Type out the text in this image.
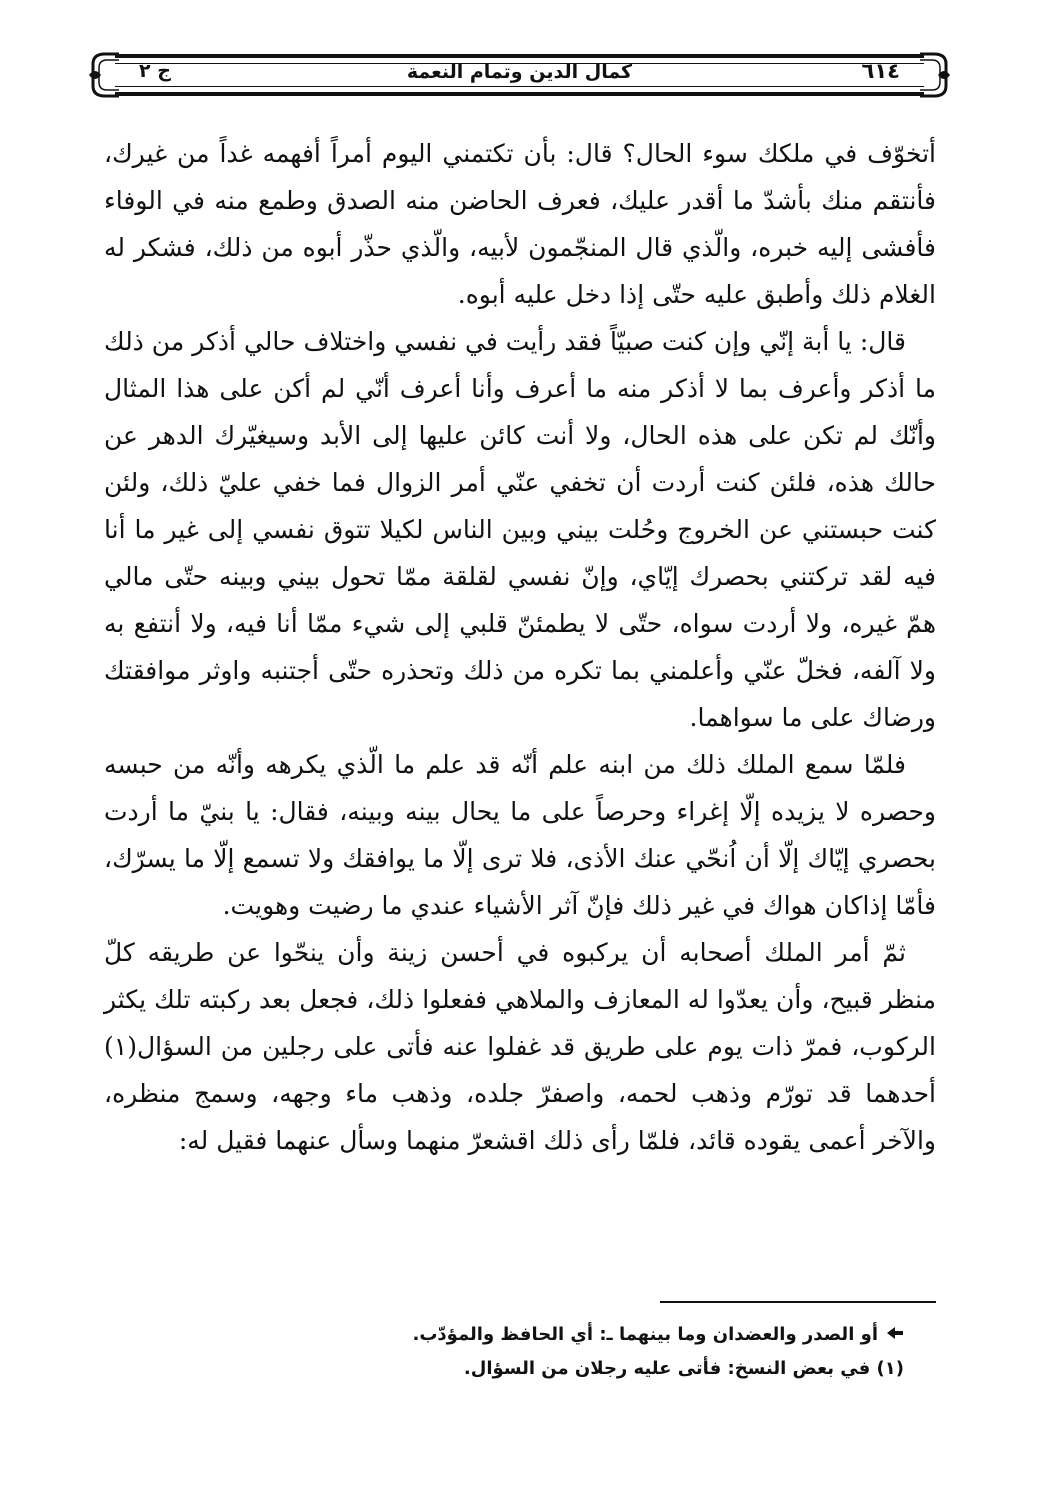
٦١٤
كمال الدين وتمام النعمة
ج ٢

أتخوّف في ملكك سوء الحال؟ قال: بأن تكتمني اليوم أمراً أفهمه غداً من غيرك، فأنتقم منك بأشدّ ما أقدر عليك، فعرف الحاضن منه الصدق وطمع منه في الوفاء فأفشى إليه خبره، والّذي قال المنجّمون لأبيه، والّذي حذّر أبوه من ذلك، فشكر له الغلام ذلك وأطبق عليه حتّى إذا دخل عليه أبوه.

قال: يا أبة إنّي وإن كنت صبيّاً فقد رأيت في نفسي واختلاف حالي أذكر من ذلك ما أذكر وأعرف بما لا أذكر منه ما أعرف وأنا أعرف أنّي لم أكن على هذا المثال وأنّك لم تكن على هذه الحال، ولا أنت كائن عليها إلى الأبد وسيغيّرك الدهر عن حالك هذه، فلئن كنت أردت أن تخفي عنّي أمر الزوال فما خفي عليّ ذلك، ولئن كنت حبستني عن الخروج وحُلت بيني وبين الناس لكيلا تتوق نفسي إلى غير ما أنا فيه لقد تركتني بحصرك إيّاي، وإنّ نفسي لقلقة ممّا تحول بيني وبينه حتّى مالي همّ غيره، ولا أردت سواه، حتّى لا يطمئنّ قلبي إلى شيء ممّا أنا فيه، ولا أنتفع به ولا آلفه، فخلّ عنّي وأعلمني بما تكره من ذلك وتحذره حتّى أجتنبه واوثر موافقتك ورضاك على ما سواهما.

فلمّا سمع الملك ذلك من ابنه علم أنّه قد علم ما الّذي يكرهه وأنّه من حبسه وحصره لا يزيده إلّا إغراء وحرصاً على ما يحال بينه وبينه، فقال: يا بنيّ ما أردت بحصري إيّاك إلّا أن اُنحّي عنك الأذى، فلا ترى إلّا ما يوافقك ولا تسمع إلّا ما يسرّك، فأمّا إذاكان هواك في غير ذلك فإنّ آثر الأشياء عندي ما رضيت وهويت.

ثمّ أمر الملك أصحابه أن يركبوه في أحسن زينة وأن ينحّوا عن طريقه كلّ منظر قبيح، وأن يعدّوا له المعازف والملاهي ففعلوا ذلك، فجعل بعد ركبته تلك يكثر الركوب، فمرّ ذات يوم على طريق قد غفلوا عنه فأتى على رجلين من السؤال(١) أحدهما قد تورّم وذهب لحمه، واصفرّ جلده، وذهب ماء وجهه، وسمج منظره، والآخر أعمى يقوده قائد، فلمّا رأى ذلك اقشعرّ منهما وسأل عنهما فقيل له:

أو الصدر والعضدان وما بينهما ـ: أي الحافظ والمؤدّب.

(١) في بعض النسخ: فأتى عليه رجلان من السؤال.
